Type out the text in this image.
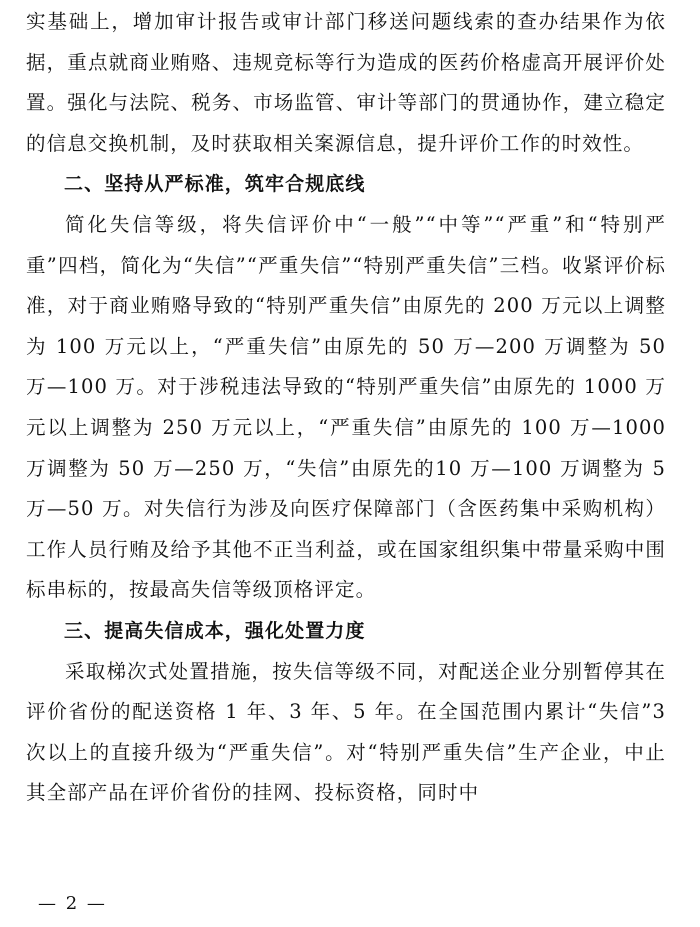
实基础上，增加审计报告或审计部门移送问题线索的查办结果作为依据，重点就商业贿赂、违规竞标等行为造成的医药价格虚高开展评价处置。强化与法院、税务、市场监管、审计等部门的贯通协作，建立稳定的信息交换机制，及时获取相关案源信息，提升评价工作的时效性。

二、坚持从严标准，筑牢合规底线

简化失信等级，将失信评价中“一般”“中等”“严重”和“特别严重”四档，简化为“失信”“严重失信”“特别严重失信”三档。收紧评价标准，对于商业贿赂导致的“特别严重失信”由原先的 200 万元以上调整为 100 万元以上，“严重失信”由原先的 50 万—200 万调整为 50 万—100 万。对于涉税违法导致的“特别严重失信”由原先的 1000 万元以上调整为 250 万元以上，“严重失信”由原先的 100 万—1000 万调整为 50 万—250 万，“失信”由原先的10 万—100 万调整为 5 万—50 万。对失信行为涉及向医疗保障部门（含医药集中采购机构）工作人员行贿及给予其他不正当利益，或在国家组织集中带量采购中围标串标的，按最高失信等级顶格评定。

三、提高失信成本，强化处置力度

采取梯次式处置措施，按失信等级不同，对配送企业分别暂停其在评价省份的配送资格 1 年、3 年、5 年。在全国范围内累计“失信”3 次以上的直接升级为“严重失信”。对“特别严重失信”生产企业，中止其全部产品在评价省份的挂网、投标资格，同时中

— 2 —
